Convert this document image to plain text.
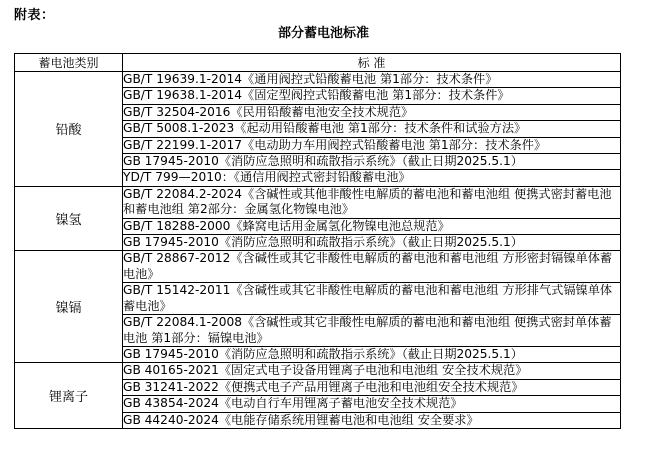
附表：
部分蓄电池标准
蓄电池类别	标 准
铅酸	GB/T 19639.1-2014《通用阀控式铅酸蓄电池 第1部分：技术条件》
	GB/T 19638.1-2014《固定型阀控式铅酸蓄电池 第1部分：技术条件》
	GB/T 32504-2016《民用铅酸蓄电池安全技术规范》
	GB/T 5008.1-2023《起动用铅酸蓄电池 第1部分：技术条件和试验方法》
	GB/T 22199.1-2017《电动助力车用阀控式铅酸蓄电池 第1部分：技术条件》
	GB 17945-2010《消防应急照明和疏散指示系统》（截止日期2025.5.1）
	YD/T 799—2010：《通信用阀控式密封铅酸蓄电池》
镍氢	GB/T 22084.2-2024《含碱性或其他非酸性电解质的蓄电池和蓄电池组 便携式密封蓄电池和蓄电池组 第2部分：金属氢化物镍电池》
	GB/T 18288-2000《蜂窝电话用金属氢化物镍电池总规范》
	GB 17945-2010《消防应急照明和疏散指示系统》（截止日期2025.5.1）
镍镉	GB/T 28867-2012《含碱性或其它非酸性电解质的蓄电池和蓄电池组 方形密封镉镍单体蓄电池》
	GB/T 15142-2011《含碱性或其它非酸性电解质的蓄电池和蓄电池组 方形排气式镉镍单体蓄电池》
	GB/T 22084.1-2008《含碱性或其它非酸性电解质的蓄电池和蓄电池组 便携式密封单体蓄电池 第1部分：镉镍电池》
	GB 17945-2010《消防应急照明和疏散指示系统》（截止日期2025.5.1）
锂离子	GB 40165-2021《固定式电子设备用锂离子电池和电池组 安全技术规范》
	GB 31241-2022《便携式电子产品用锂离子电池和电池组安全技术规范》
	GB 43854-2024《电动自行车用锂离子蓄电池安全技术规范》
	GB 44240-2024《电能存储系统用锂蓄电池和电池组 安全要求》
